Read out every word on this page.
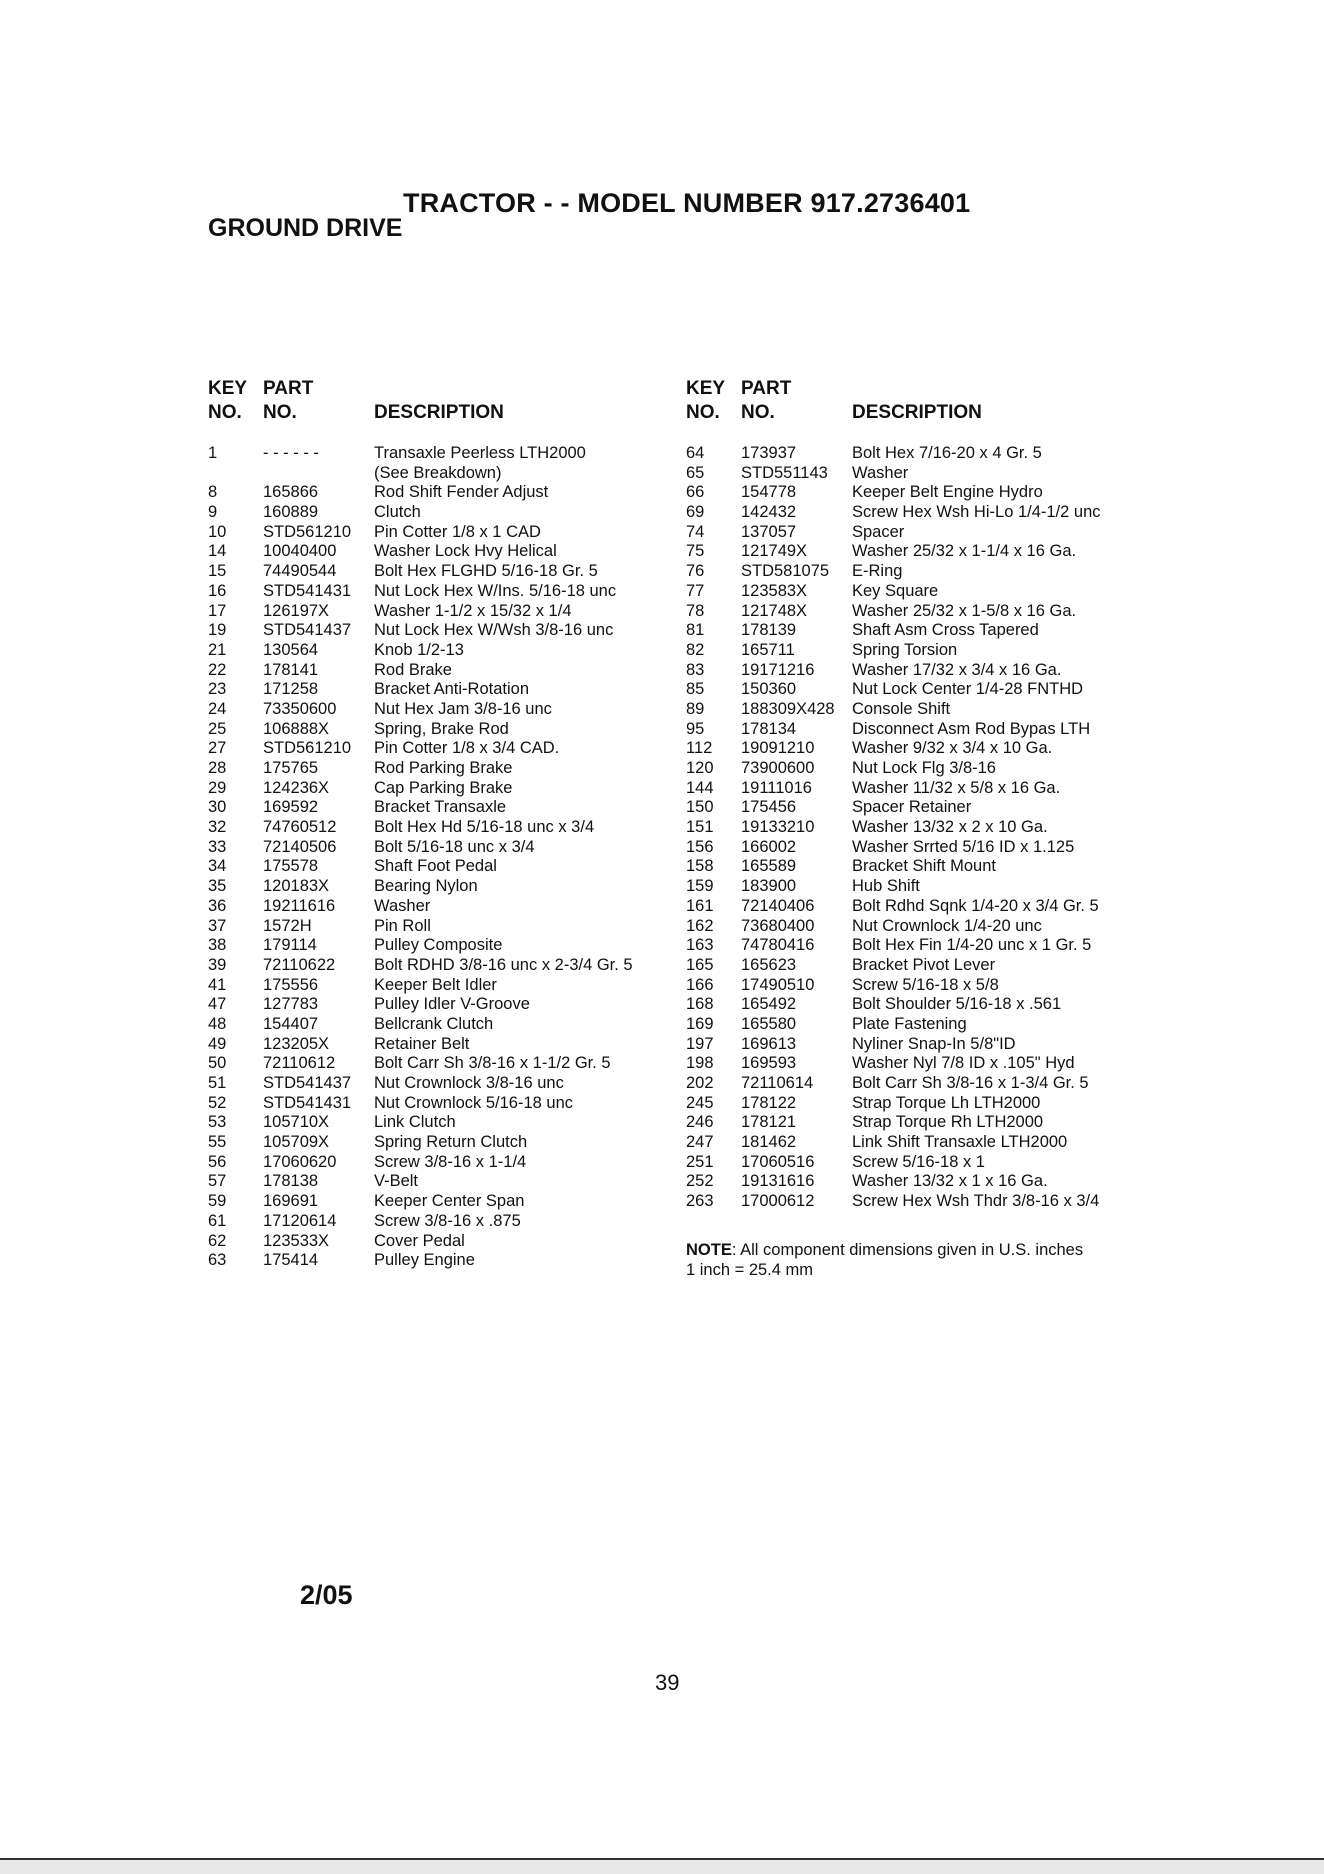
TRACTOR - - MODEL NUMBER 917.2736401
GROUND DRIVE
KEY PART
NO. NO.	DESCRIPTION
1	- - - - - -	Transaxle Peerless LTH2000
(See Breakdown)
8	165866	Rod Shift Fender Adjust
9	160889	Clutch
10 STD561210 Pin Cotter 1/8 x 1 CAD
14 10040400 Washer Lock Hvy Helical
15 74490544 Bolt Hex FLGHD 5/16-18 Gr. 5
16 STD541431 Nut Lock Hex W/Ins. 5/16-18 unc
17 126197X	Washer 1-1/2 x 15/32 x 1/4
19 STD541437 Nut Lock Hex W/Wsh 3/8-16 unc
21 130564	Knob 1/2-13
22 178141	Rod Brake
23 171258	Bracket Anti-Rotation
24 73350600 Nut Hex Jam 3/8-16 unc
25 106888X	Spring, Brake Rod
27 STD561210 Pin Cotter 1/8 x 3/4 CAD.
28 175765	Rod Parking Brake
29 124236X	Cap Parking Brake
30 169592	Bracket Transaxle
32 74760512 Bolt Hex Hd 5/16-18 unc x 3/4
33 72140506 Bolt 5/16-18 unc x 3/4
34 175578	Shaft Foot Pedal
35 120183X	Bearing Nylon
36 19211616 Washer
37 1572H	Pin Roll
38 179114	Pulley Composite
39 72110622 Bolt RDHD 3/8-16 unc x 2-3/4 Gr. 5
41 175556	Keeper Belt Idler
47 127783	Pulley Idler V-Groove
48 154407	Bellcrank Clutch
49 123205X	Retainer Belt
50 72110612 Bolt Carr Sh 3/8-16 x 1-1/2 Gr. 5
51 STD541437 Nut Crownlock 3/8-16 unc
52 STD541431 Nut Crownlock 5/16-18 unc
53 105710X	Link Clutch
55 105709X	Spring Return Clutch
56 17060620 Screw 3/8-16 x 1-1/4
57 178138	V-Belt
59 169691	Keeper Center Span
61 17120614 Screw 3/8-16 x .875
62 123533X	Cover Pedal
63 175414	Pulley Engine
KEY PART
NO. NO.	DESCRIPTION
64 173937	Bolt Hex 7/16-20 x 4 Gr. 5
65 STD551143 Washer
66 154778	Keeper Belt Engine Hydro
69 142432	Screw Hex Wsh Hi-Lo 1/4-1/2 unc
74 137057	Spacer
75 121749X	Washer 25/32 x 1-1/4 x 16 Ga.
76 STD581075 E-Ring
77 123583X	Key Square
78 121748X	Washer 25/32 x 1-5/8 x 16 Ga.
81 178139	Shaft Asm Cross Tapered
82 165711	Spring Torsion
83 19171216 Washer 17/32 x 3/4 x 16 Ga.
85 150360	Nut Lock Center 1/4-28 FNTHD
89 188309X428 Console Shift
95 178134	Disconnect Asm Rod Bypas LTH
112 19091210 Washer 9/32 x 3/4 x 10 Ga.
120 73900600 Nut Lock Flg 3/8-16
144 19111016 Washer 11/32 x 5/8 x 16 Ga.
150 175456	Spacer Retainer
151 19133210 Washer 13/32 x 2 x 10 Ga.
156 166002	Washer Srrted 5/16 ID x 1.125
158 165589	Bracket Shift Mount
159 183900	Hub Shift
161 72140406 Bolt Rdhd Sqnk 1/4-20 x 3/4 Gr. 5
162 73680400 Nut Crownlock 1/4-20 unc
163 74780416 Bolt Hex Fin 1/4-20 unc x 1 Gr. 5
165 165623	Bracket Pivot Lever
166 17490510 Screw 5/16-18 x 5/8
168 165492	Bolt Shoulder 5/16-18 x .561
169 165580	Plate Fastening
197 169613	Nyliner Snap-In 5/8"ID
198 169593	Washer Nyl 7/8 ID x .105" Hyd
202 72110614 Bolt Carr Sh 3/8-16 x 1-3/4 Gr. 5
245 178122	Strap Torque Lh LTH2000
246 178121	Strap Torque Rh LTH2000
247 181462	Link Shift Transaxle LTH2000
251 17060516 Screw 5/16-18 x 1
252 19131616 Washer 13/32 x 1 x 16 Ga.
263 17000612 Screw Hex Wsh Thdr 3/8-16 x 3/4
NOTE: All component dimensions given in U.S. inches
1 inch = 25.4 mm
2/05
39
